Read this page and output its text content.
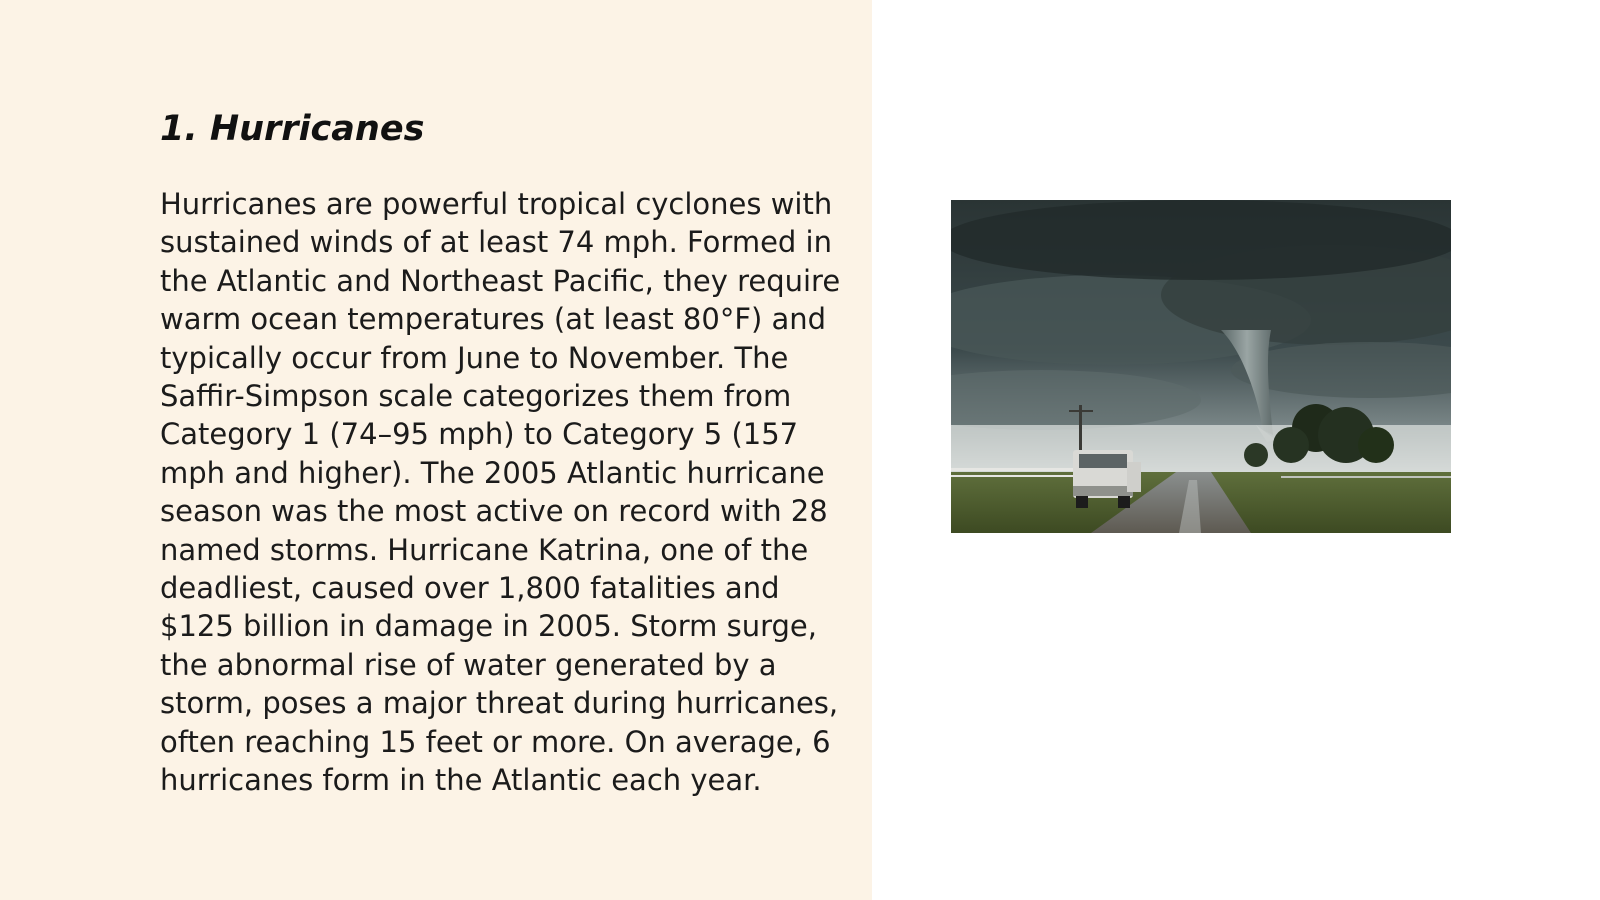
1. Hurricanes

Hurricanes are powerful tropical cyclones with sustained winds of at least 74 mph. Formed in the Atlantic and Northeast Pacific, they require warm ocean temperatures (at least 80°F) and typically occur from June to November. The Saffir-Simpson scale categorizes them from Category 1 (74–95 mph) to Category 5 (157 mph and higher). The 2005 Atlantic hurricane season was the most active on record with 28 named storms. Hurricane Katrina, one of the deadliest, caused over 1,800 fatalities and $125 billion in damage in 2005. Storm surge, the abnormal rise of water generated by a storm, poses a major threat during hurricanes, often reaching 15 feet or more. On average, 6 hurricanes form in the Atlantic each year.
